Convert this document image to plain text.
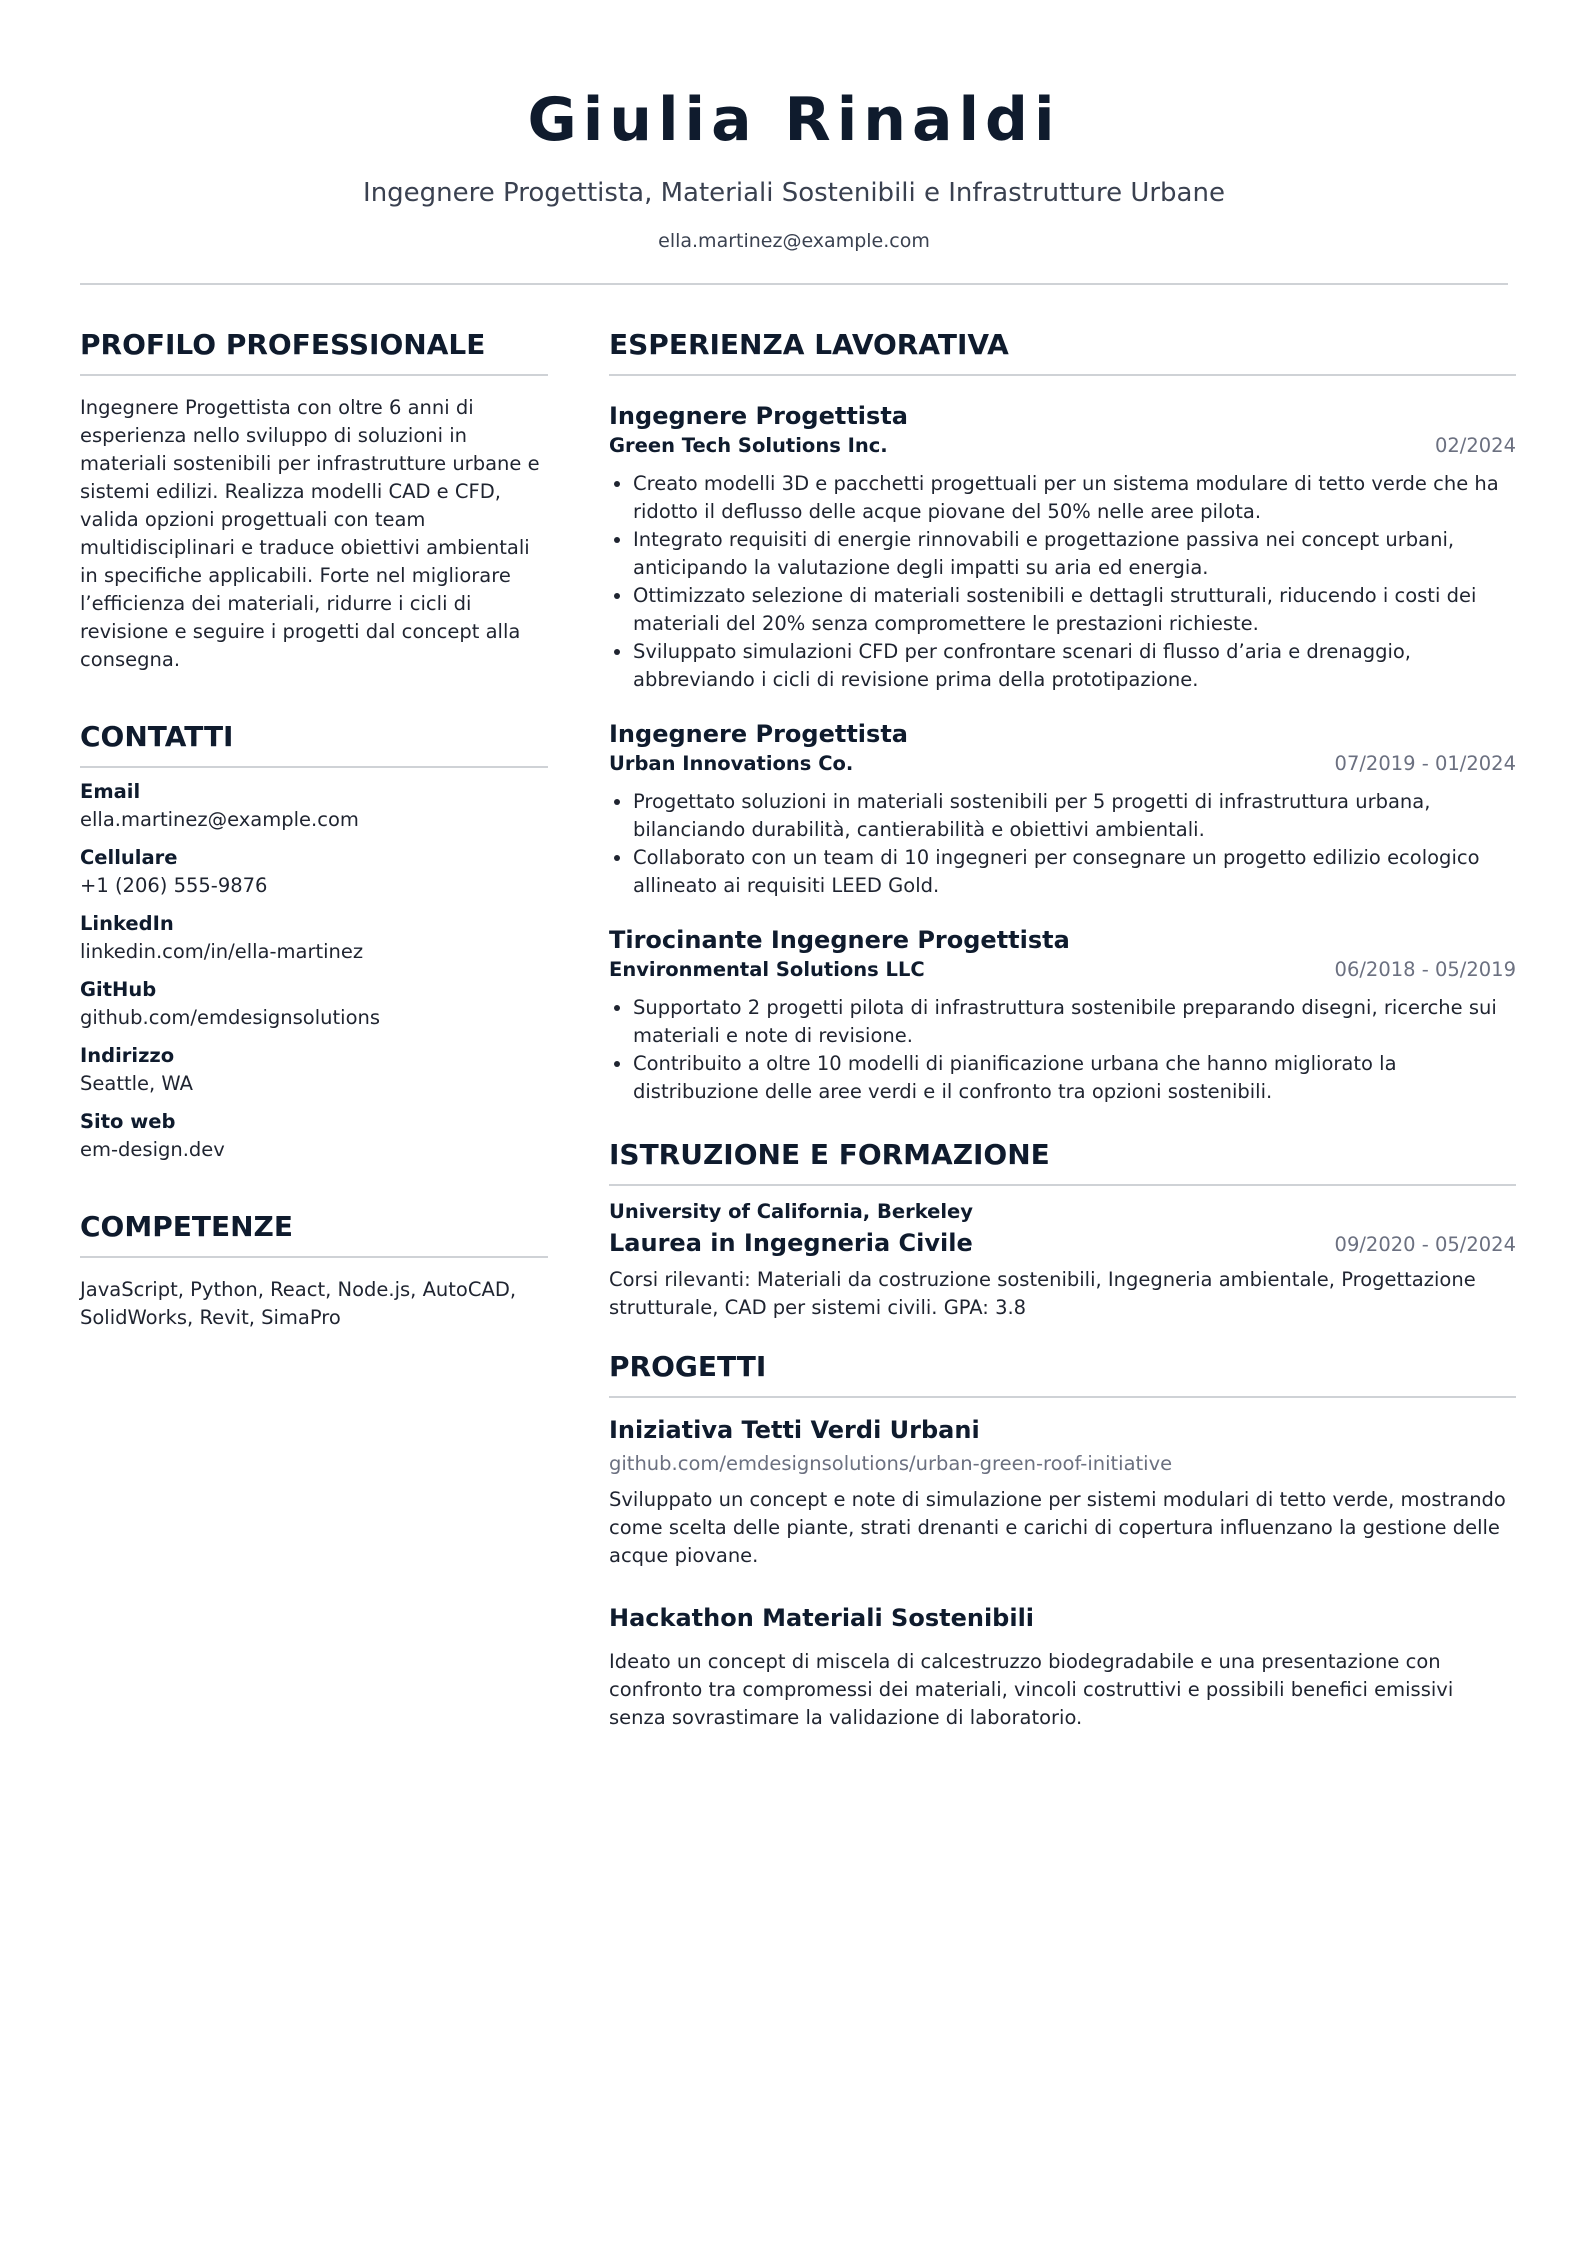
Giulia Rinaldi
Ingegnere Progettista, Materiali Sostenibili e Infrastrutture Urbane
ella.martinez@example.com
PROFILO PROFESSIONALE
Ingegnere Progettista con oltre 6 anni di esperienza nello sviluppo di soluzioni in materiali sostenibili per infrastrutture urbane e sistemi edilizi. Realizza modelli CAD e CFD, valida opzioni progettuali con team multidisciplinari e traduce obiettivi ambientali in specifiche applicabili. Forte nel migliorare l’efficienza dei materiali, ridurre i cicli di revisione e seguire i progetti dal concept alla consegna.
CONTATTI
Email
ella.martinez@example.com
Cellulare
+1 (206) 555-9876
LinkedIn
linkedin.com/in/ella-martinez
GitHub
github.com/emdesignsolutions
Indirizzo
Seattle, WA
Sito web
em-design.dev
COMPETENZE
JavaScript, Python, React, Node.js, AutoCAD, SolidWorks, Revit, SimaPro
ESPERIENZA LAVORATIVA
Ingegnere Progettista
Green Tech Solutions Inc.	02/2024
• Creato modelli 3D e pacchetti progettuali per un sistema modulare di tetto verde che ha ridotto il deflusso delle acque piovane del 50% nelle aree pilota.
• Integrato requisiti di energie rinnovabili e progettazione passiva nei concept urbani, anticipando la valutazione degli impatti su aria ed energia.
• Ottimizzato selezione di materiali sostenibili e dettagli strutturali, riducendo i costi dei materiali del 20% senza compromettere le prestazioni richieste.
• Sviluppato simulazioni CFD per confrontare scenari di flusso d’aria e drenaggio, abbreviando i cicli di revisione prima della prototipazione.
Ingegnere Progettista
Urban Innovations Co.	07/2019 - 01/2024
• Progettato soluzioni in materiali sostenibili per 5 progetti di infrastruttura urbana, bilanciando durabilità, cantierabilità e obiettivi ambientali.
• Collaborato con un team di 10 ingegneri per consegnare un progetto edilizio ecologico allineato ai requisiti LEED Gold.
Tirocinante Ingegnere Progettista
Environmental Solutions LLC	06/2018 - 05/2019
• Supportato 2 progetti pilota di infrastruttura sostenibile preparando disegni, ricerche sui materiali e note di revisione.
• Contribuito a oltre 10 modelli di pianificazione urbana che hanno migliorato la distribuzione delle aree verdi e il confronto tra opzioni sostenibili.
ISTRUZIONE E FORMAZIONE
University of California, Berkeley
Laurea in Ingegneria Civile	09/2020 - 05/2024
Corsi rilevanti: Materiali da costruzione sostenibili, Ingegneria ambientale, Progettazione strutturale, CAD per sistemi civili. GPA: 3.8
PROGETTI
Iniziativa Tetti Verdi Urbani
github.com/emdesignsolutions/urban-green-roof-initiative
Sviluppato un concept e note di simulazione per sistemi modulari di tetto verde, mostrando come scelta delle piante, strati drenanti e carichi di copertura influenzano la gestione delle acque piovane.
Hackathon Materiali Sostenibili
Ideato un concept di miscela di calcestruzzo biodegradabile e una presentazione con confronto tra compromessi dei materiali, vincoli costruttivi e possibili benefici emissivi senza sovrastimare la validazione di laboratorio.
